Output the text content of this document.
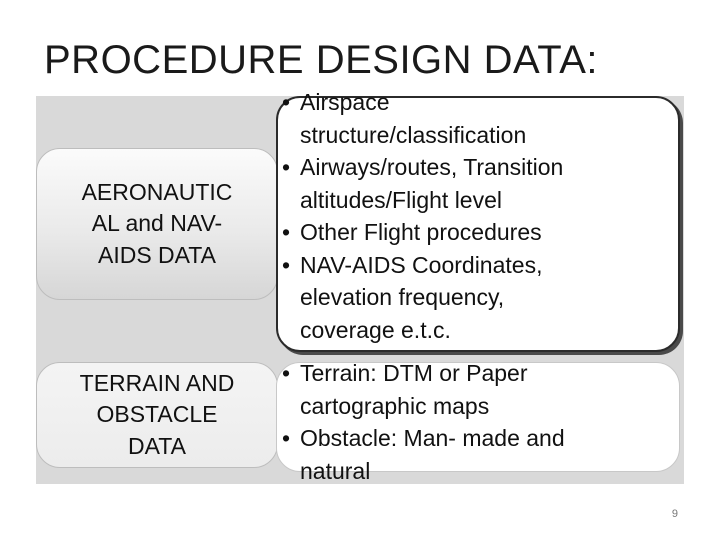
PROCEDURE DESIGN DATA:
AERONAUTIC
AL and NAV-
AIDS DATA
• Airspace
structure/classification
• Airways/routes, Transition
altitudes/Flight level
• Other Flight procedures
• NAV-AIDS Coordinates,
elevation frequency,
coverage e.t.c.
TERRAIN AND
OBSTACLE
DATA
• Terrain: DTM or Paper
cartographic maps
• Obstacle: Man- made and
natural
9
